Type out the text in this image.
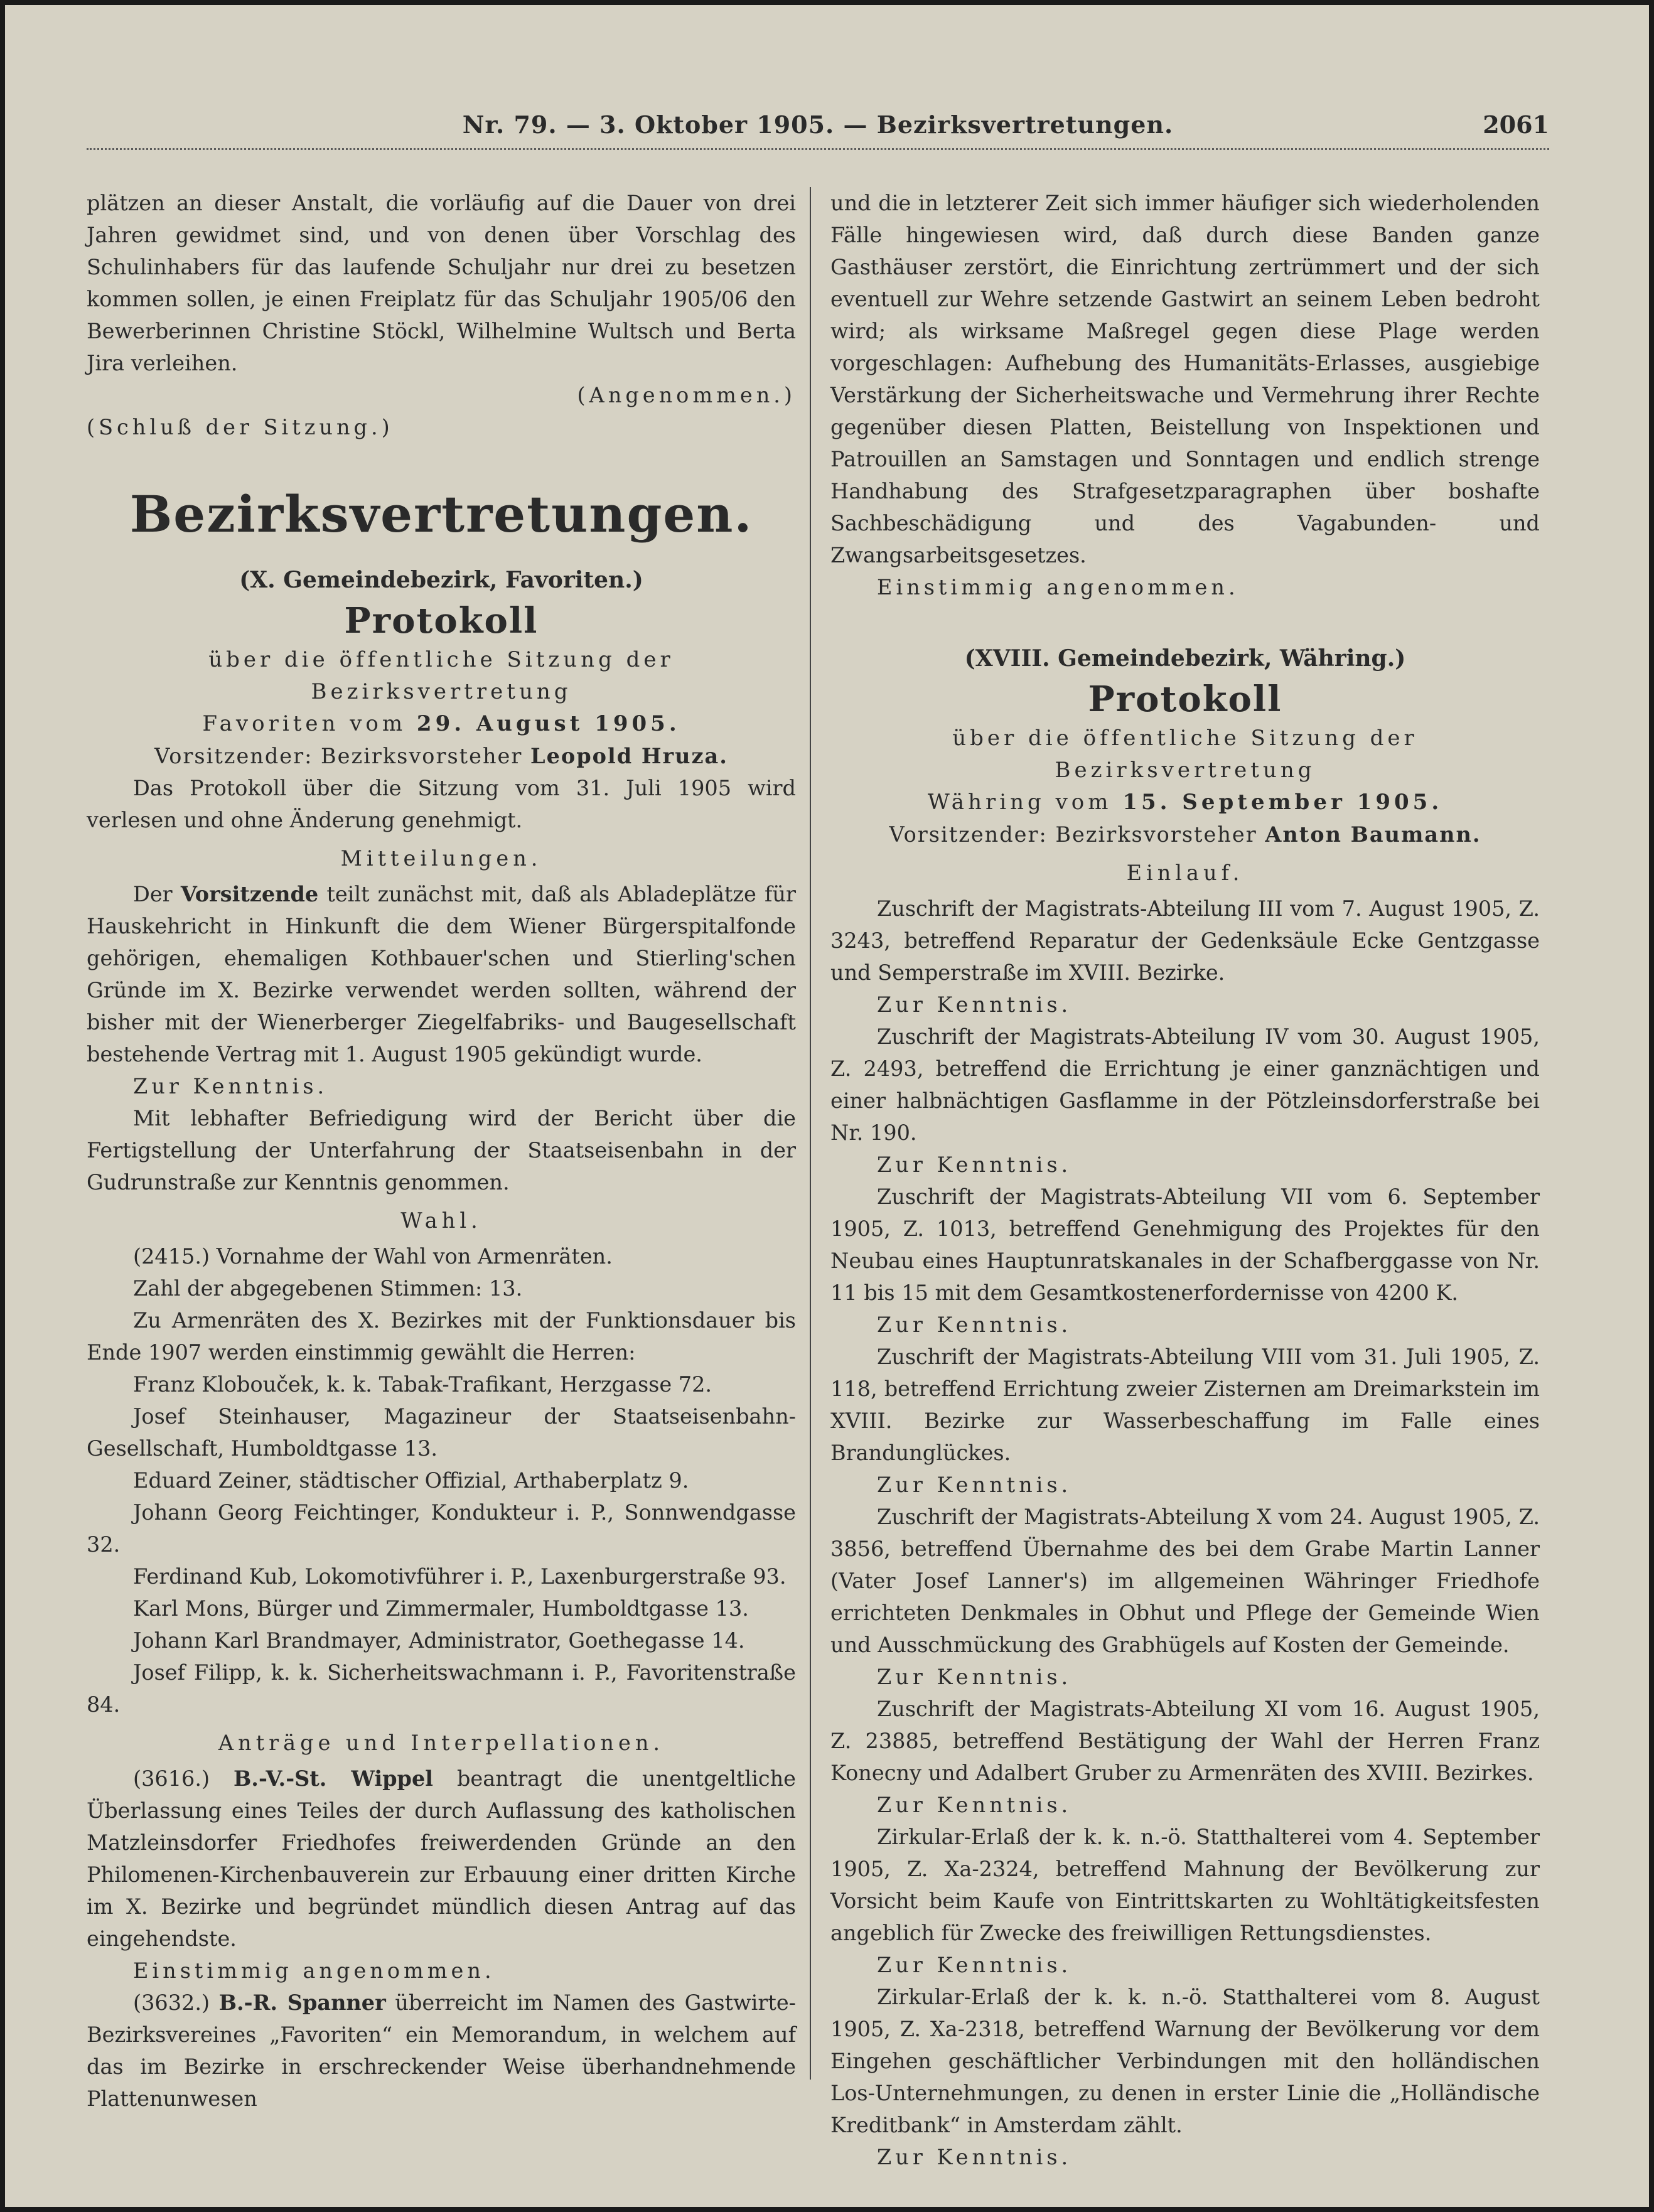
Nr. 79. — 3. Oktober 1905. — Bezirksvertretungen.	2061

plätzen an dieser Anstalt, die vorläufig auf die Dauer von drei Jahren gewidmet sind, und von denen über Vorschlag des Schulinhabers für das laufende Schuljahr nur drei zu besetzen kommen sollen, je einen Freiplatz für das Schuljahr 1905/06 den Bewerberinnen Christine Stöckl, Wilhelmine Wultsch und Berta Jira verleihen.

(Angenommen.)

(Schluß der Sitzung.)

Bezirksvertretungen.
(X. Gemeindebezirk, Favoriten.)
Protokoll
über die öffentliche Sitzung der Bezirksvertretung
Favoriten vom 29. August 1905.
Vorsitzender: Bezirksvorsteher Leopold Hruza.

Das Protokoll über die Sitzung vom 31. Juli 1905 wird verlesen und ohne Änderung genehmigt.

Mitteilungen.

Der Vorsitzende teilt zunächst mit, daß als Abladeplätze für Hauskehricht in Hinkunft die dem Wiener Bürgerspitalfonde gehörigen, ehemaligen Kothbauer'schen und Stierling'schen Gründe im X. Bezirke verwendet werden sollten, während der bisher mit der Wienerberger Ziegelfabriks- und Baugesellschaft bestehende Vertrag mit 1. August 1905 gekündigt wurde.

Zur Kenntnis.

Mit lebhafter Befriedigung wird der Bericht über die Fertigstellung der Unterfahrung der Staatseisenbahn in der Gudrunstraße zur Kenntnis genommen.

Wahl.

(2415.) Vornahme der Wahl von Armenräten.

Zahl der abgegebenen Stimmen: 13.

Zu Armenräten des X. Bezirkes mit der Funktionsdauer bis Ende 1907 werden einstimmig gewählt die Herren:

Franz Klobouček, k. k. Tabak-Trafikant, Herzgasse 72.

Josef Steinhauser, Magazineur der Staatseisenbahn-Gesellschaft, Humboldtgasse 13.

Eduard Zeiner, städtischer Offizial, Arthaberplatz 9.

Johann Georg Feichtinger, Kondukteur i. P., Sonnwendgasse 32.

Ferdinand Kub, Lokomotivführer i. P., Laxenburgerstraße 93.

Karl Mons, Bürger und Zimmermaler, Humboldtgasse 13.

Johann Karl Brandmayer, Administrator, Goethegasse 14.

Josef Filipp, k. k. Sicherheitswachmann i. P., Favoritenstraße 84.

Anträge und Interpellationen.

(3616.) B.-V.-St. Wippel beantragt die unentgeltliche Überlassung eines Teiles der durch Auflassung des katholischen Matzleinsdorfer Friedhofes freiwerdenden Gründe an den Philomenen-Kirchenbauverein zur Erbauung einer dritten Kirche im X. Bezirke und begründet mündlich diesen Antrag auf das eingehendste.

Einstimmig angenommen.

(3632.) B.-R. Spanner überreicht im Namen des Gastwirte-Bezirksvereines „Favoriten“ ein Memorandum, in welchem auf das im Bezirke in erschreckender Weise überhandnehmende Plattenunwesen

und die in letzterer Zeit sich immer häufiger sich wiederholenden Fälle hingewiesen wird, daß durch diese Banden ganze Gasthäuser zerstört, die Einrichtung zertrümmert und der sich eventuell zur Wehre setzende Gastwirt an seinem Leben bedroht wird; als wirksame Maßregel gegen diese Plage werden vorgeschlagen: Aufhebung des Humanitäts-Erlasses, ausgiebige Verstärkung der Sicherheitswache und Vermehrung ihrer Rechte gegenüber diesen Platten, Beistellung von Inspektionen und Patrouillen an Samstagen und Sonntagen und endlich strenge Handhabung des Strafgesetzparagraphen über boshafte Sachbeschädigung und des Vagabunden- und Zwangsarbeitsgesetzes.

Einstimmig angenommen.

(XVIII. Gemeindebezirk, Währing.)
Protokoll
über die öffentliche Sitzung der Bezirksvertretung
Währing vom 15. September 1905.
Vorsitzender: Bezirksvorsteher Anton Baumann.
Einlauf.

Zuschrift der Magistrats-Abteilung III vom 7. August 1905, Z. 3243, betreffend Reparatur der Gedenksäule Ecke Gentzgasse und Semperstraße im XVIII. Bezirke.

Zur Kenntnis.

Zuschrift der Magistrats-Abteilung IV vom 30. August 1905, Z. 2493, betreffend die Errichtung je einer ganznächtigen und einer halbnächtigen Gasflamme in der Pötzleinsdorferstraße bei Nr. 190.

Zur Kenntnis.

Zuschrift der Magistrats-Abteilung VII vom 6. September 1905, Z. 1013, betreffend Genehmigung des Projektes für den Neubau eines Hauptunratskanales in der Schafberggasse von Nr. 11 bis 15 mit dem Gesamtkostenerfordernisse von 4200 K.

Zur Kenntnis.

Zuschrift der Magistrats-Abteilung VIII vom 31. Juli 1905, Z. 118, betreffend Errichtung zweier Zisternen am Dreimarkstein im XVIII. Bezirke zur Wasserbeschaffung im Falle eines Brandunglückes.

Zur Kenntnis.

Zuschrift der Magistrats-Abteilung X vom 24. August 1905, Z. 3856, betreffend Übernahme des bei dem Grabe Martin Lanner (Vater Josef Lanner's) im allgemeinen Währinger Friedhofe errichteten Denkmales in Obhut und Pflege der Gemeinde Wien und Ausschmückung des Grabhügels auf Kosten der Gemeinde.

Zur Kenntnis.

Zuschrift der Magistrats-Abteilung XI vom 16. August 1905, Z. 23885, betreffend Bestätigung der Wahl der Herren Franz Konecny und Adalbert Gruber zu Armenräten des XVIII. Bezirkes.

Zur Kenntnis.

Zirkular-Erlaß der k. k. n.-ö. Statthalterei vom 4. September 1905, Z. Xa-2324, betreffend Mahnung der Bevölkerung zur Vorsicht beim Kaufe von Eintrittskarten zu Wohltätigkeitsfesten angeblich für Zwecke des freiwilligen Rettungsdienstes.

Zur Kenntnis.

Zirkular-Erlaß der k. k. n.-ö. Statthalterei vom 8. August 1905, Z. Xa-2318, betreffend Warnung der Bevölkerung vor dem Eingehen geschäftlicher Verbindungen mit den holländischen Los-Unternehmungen, zu denen in erster Linie die „Holländische Kreditbank“ in Amsterdam zählt.

Zur Kenntnis.
